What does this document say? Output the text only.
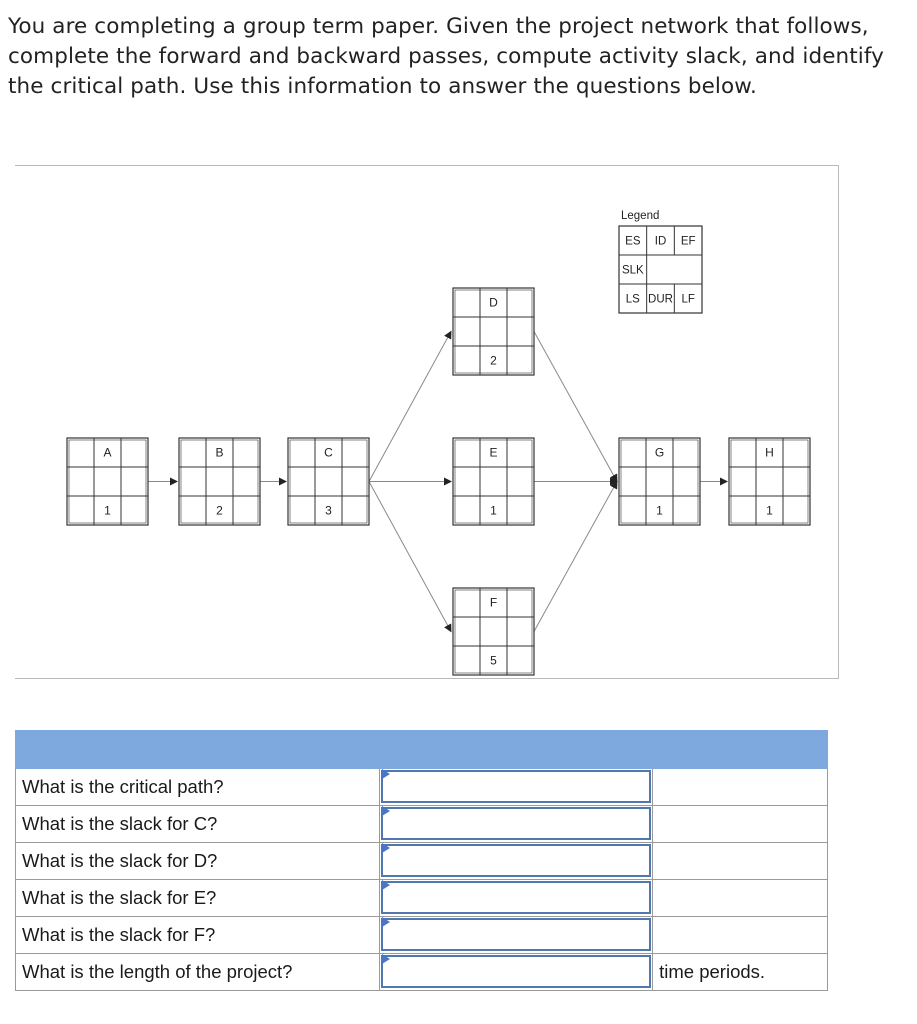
You are completing a group term paper. Given the project network that follows, complete the forward and backward passes, compute activity slack, and identify the critical path. Use this information to answer the questions below.

A
1
B
2
C
3
D
2
E
1
F
5
G
1
H
1
Legend
ES ID EF
SLK
LS DUR LF

What is the critical path?	

What is the slack for C?	

What is the slack for D?	

What is the slack for E?	

What is the slack for F?	

What is the length of the project?		time periods.
